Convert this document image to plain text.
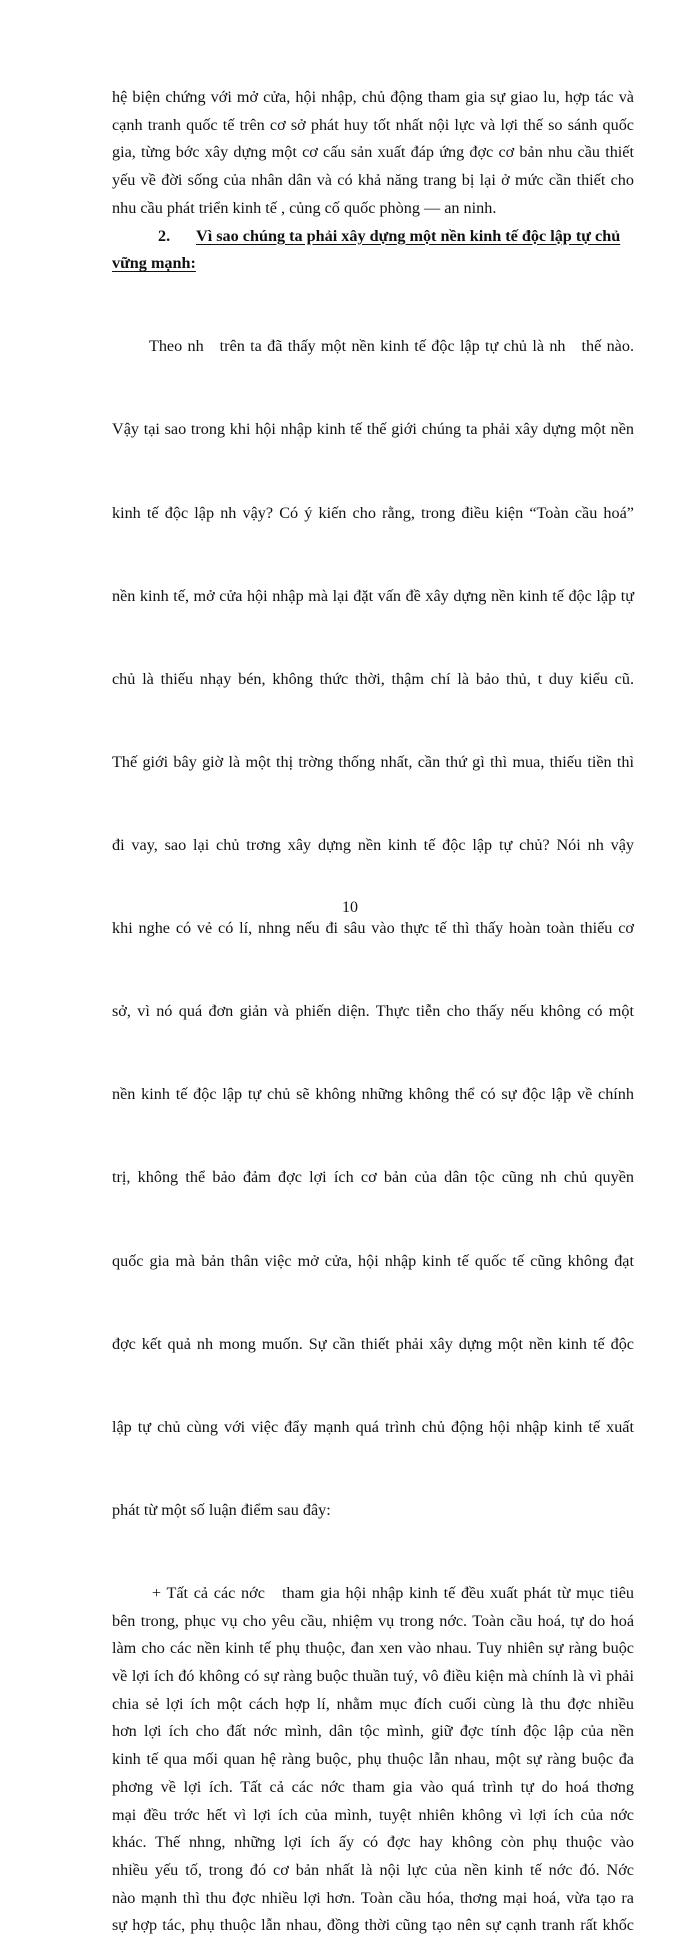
hệ biện chứng với mở cửa, hội nhập, chủ động tham gia sự giao lu, hợp tác và
cạnh tranh quốc tế trên cơ sở phát huy tốt nhất nội lực và lợi thế so sánh quốc
gia, từng bớc xây dựng một cơ cấu sản xuất đáp ứng đợc cơ bản nhu cầu thiết
yếu về đời sống của nhân dân và có khả năng trang bị lại ở mức cần thiết cho
nhu cầu phát triển kinh tế , củng cố quốc phòng — an ninh.
2. Vì sao chúng ta phải xây dựng một nền kinh tế độc lập tự chủ
vững mạnh:

Theo nh   trên ta đã thấy một nền kinh tế độc lập tự chủ là nh   thế nào.

Vậy tại sao trong khi hội nhập kinh tế thế giới chúng ta phải xây dựng một nền

kinh tế độc lập nh vậy? Có ý kiến cho rằng, trong điều kiện “Toàn cầu hoá”

nền kinh tế, mở cửa hội nhập mà lại đặt vấn đề xây dựng nền kinh tế độc lập tự

chủ là thiếu nhạy bén, không thức thời, thậm chí là bảo thủ, t duy kiểu cũ.

Thế giới bây giờ là một thị trờng thống nhất, cần thứ gì thì mua, thiếu tiền thì

đi vay, sao lại chủ trơng xây dựng nền kinh tế độc lập tự chủ? Nói nh vậy

khi nghe có vẻ có lí, nhng nếu đi sâu vào thực tế thì thấy hoàn toàn thiếu cơ

sở, vì nó quá đơn giản và phiến diện. Thực tiễn cho thấy nếu không có một

nền kinh tế độc lập tự chủ sẽ không những không thể có sự độc lập về chính

trị, không thể bảo đảm đợc lợi ích cơ bản của dân tộc cũng nh chủ quyền

quốc gia mà bản thân việc mở cửa, hội nhập kinh tế quốc tế cũng không đạt

đợc kết quả nh mong muốn. Sự cần thiết phải xây dựng một nền kinh tế độc

lập tự chủ cùng với việc đẩy mạnh quá trình chủ động hội nhập kinh tế xuất

phát từ một số luận điểm sau đây:

+ Tất cả các nớc   tham gia hội nhập kinh tế đều xuất phát từ mục tiêu
bên trong, phục vụ cho yêu cầu, nhiệm vụ trong nớc. Toàn cầu hoá, tự do hoá
làm cho các nền kinh tế phụ thuộc, đan xen vào nhau. Tuy nhiên sự ràng buộc
về lợi ích đó không có sự ràng buộc thuần tuý, vô điều kiện mà chính là vì phải
chia sẻ lợi ích một cách hợp lí, nhằm mục đích cuối cùng là thu đợc nhiều
hơn lợi ích cho đất nớc mình, dân tộc mình, giữ đợc tính độc lập của nền
kinh tế qua mối quan hệ ràng buộc, phụ thuộc lẫn nhau, một sự ràng buộc đa
phơng về lợi ích. Tất cả các nớc tham gia vào quá trình tự do hoá thơng
mại đều trớc hết vì lợi ích của mình, tuyệt nhiên không vì lợi ích của nớc
khác. Thế nhng, những lợi ích ấy có đợc hay không còn phụ thuộc vào
nhiều yếu tố, trong đó cơ bản nhất là nội lực của nền kinh tế nớc đó. Nớc
nào mạnh thì thu đợc nhiều lợi hơn. Toàn cầu hóa, thơng mại hoá, vừa tạo ra
sự hợp tác, phụ thuộc lẫn nhau, đồng thời cũng tạo nên sự cạnh tranh rất khốc
10
